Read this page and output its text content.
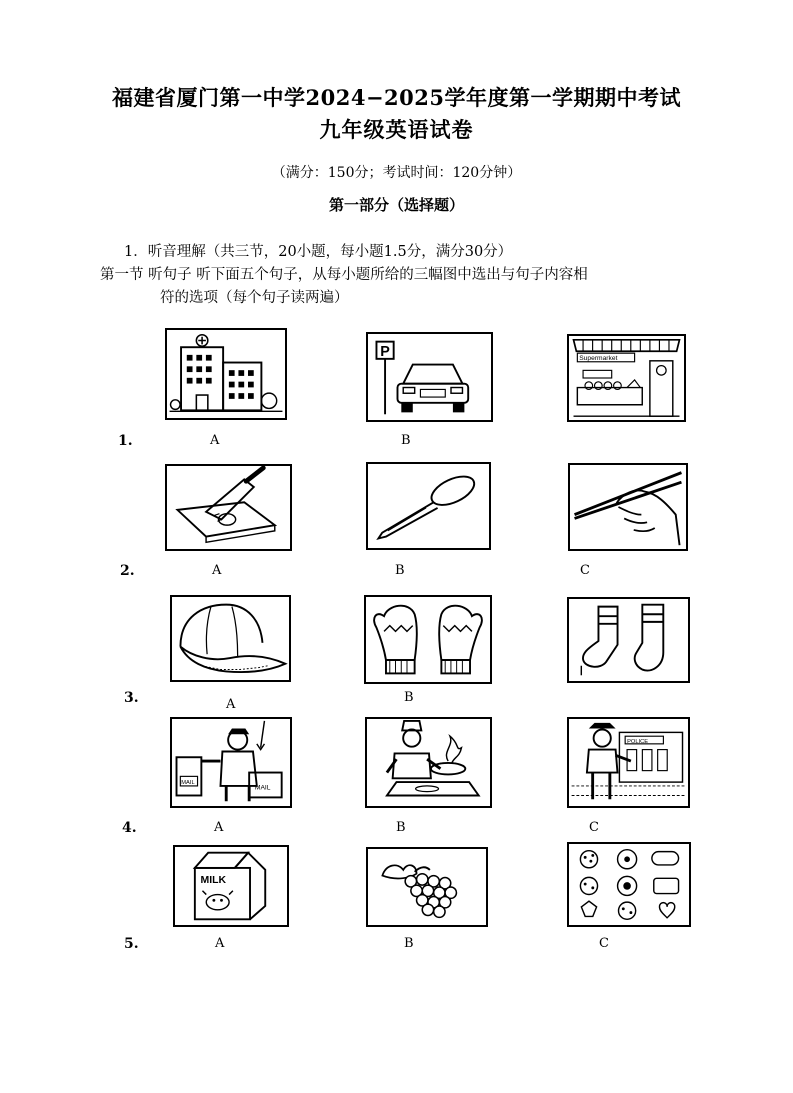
福建省厦门第一中学2024−2025学年度第一学期期中考试
九年级英语试卷
（满分：150分；考试时间：120分钟）
第一部分（选择题）
1．听音理解（共三节，20小题，每小题1.5分，满分30分）
第一节 听句子 听下面五个句子，从每小题所给的三幅图中选出与句子内容相
符的选项（每个句子读两遍）
P	Supermarket
1.	A	B
2.	A	B	C
3.	A	B
MAIL
MAIL
POLICE
4.	A	B	C
MILK
5.	A	B	C
